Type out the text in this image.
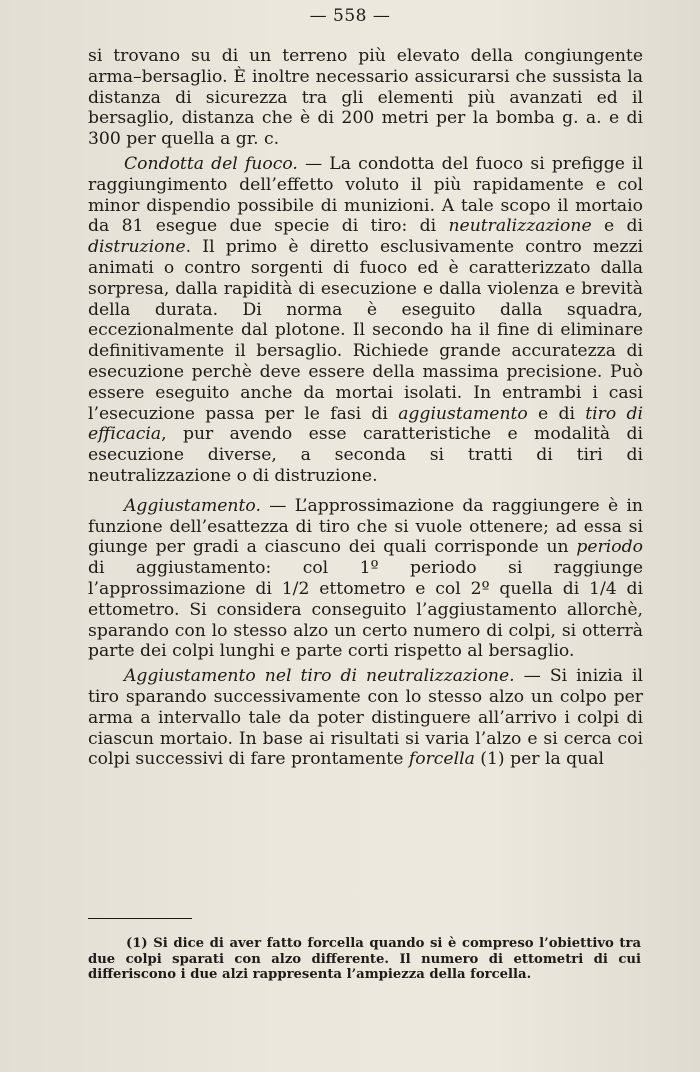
— 558 —

si trovano su di un terreno più elevato della congiungente arma–bersaglio. È inoltre necessario assicurarsi che sussista la distanza di sicurezza tra gli elementi più avanzati ed il bersaglio, distanza che è di 200 metri per la bomba g. a. e di 300 per quella a gr. c.

Condotta del fuoco. — La condotta del fuoco si prefigge il raggiungimento dell’effetto voluto il più rapidamente e col minor dispendio possibile di munizioni. A tale scopo il mortaio da 81 esegue due specie di tiro: di neutralizzazione e di distruzione. Il primo è diretto esclusivamente contro mezzi animati o contro sorgenti di fuoco ed è caratterizzato dalla sorpresa, dalla rapidità di esecuzione e dalla violenza e brevità della durata. Di norma è eseguito dalla squadra, eccezionalmente dal plotone. Il secondo ha il fine di eliminare definitivamente il bersaglio. Richiede grande accuratezza di esecuzione perchè deve essere della massima precisione. Può essere eseguito anche da mortai isolati. In entrambi i casi l’esecuzione passa per le fasi di aggiustamento e di tiro di efficacia, pur avendo esse caratteristiche e modalità di esecuzione diverse, a seconda si tratti di tiri di neutralizzazione o di distruzione.

Aggiustamento. — L’approssimazione da raggiungere è in funzione dell’esattezza di tiro che si vuole ottenere; ad essa si giunge per gradi a ciascuno dei quali corrisponde un periodo di aggiustamento: col 1º periodo si raggiunge l’approssimazione di 1/2 ettometro e col 2º quella di 1/4 di ettometro. Si considera conseguito l’aggiustamento allorchè, sparando con lo stesso alzo un certo numero di colpi, si otterrà parte dei colpi lunghi e parte corti rispetto al bersaglio.

Aggiustamento nel tiro di neutralizzazione. — Si inizia il tiro sparando successivamente con lo stesso alzo un colpo per arma a intervallo tale da poter distinguere all’arrivo i colpi di ciascun mortaio. In base ai risultati si varia l’alzo e si cerca coi colpi successivi di fare prontamente forcella (1) per la qual

(1) Si dice di aver fatto forcella quando si è compreso l’obiettivo tra due colpi sparati con alzo differente. Il numero di ettometri di cui differiscono i due alzi rappresenta l’ampiezza della forcella.
